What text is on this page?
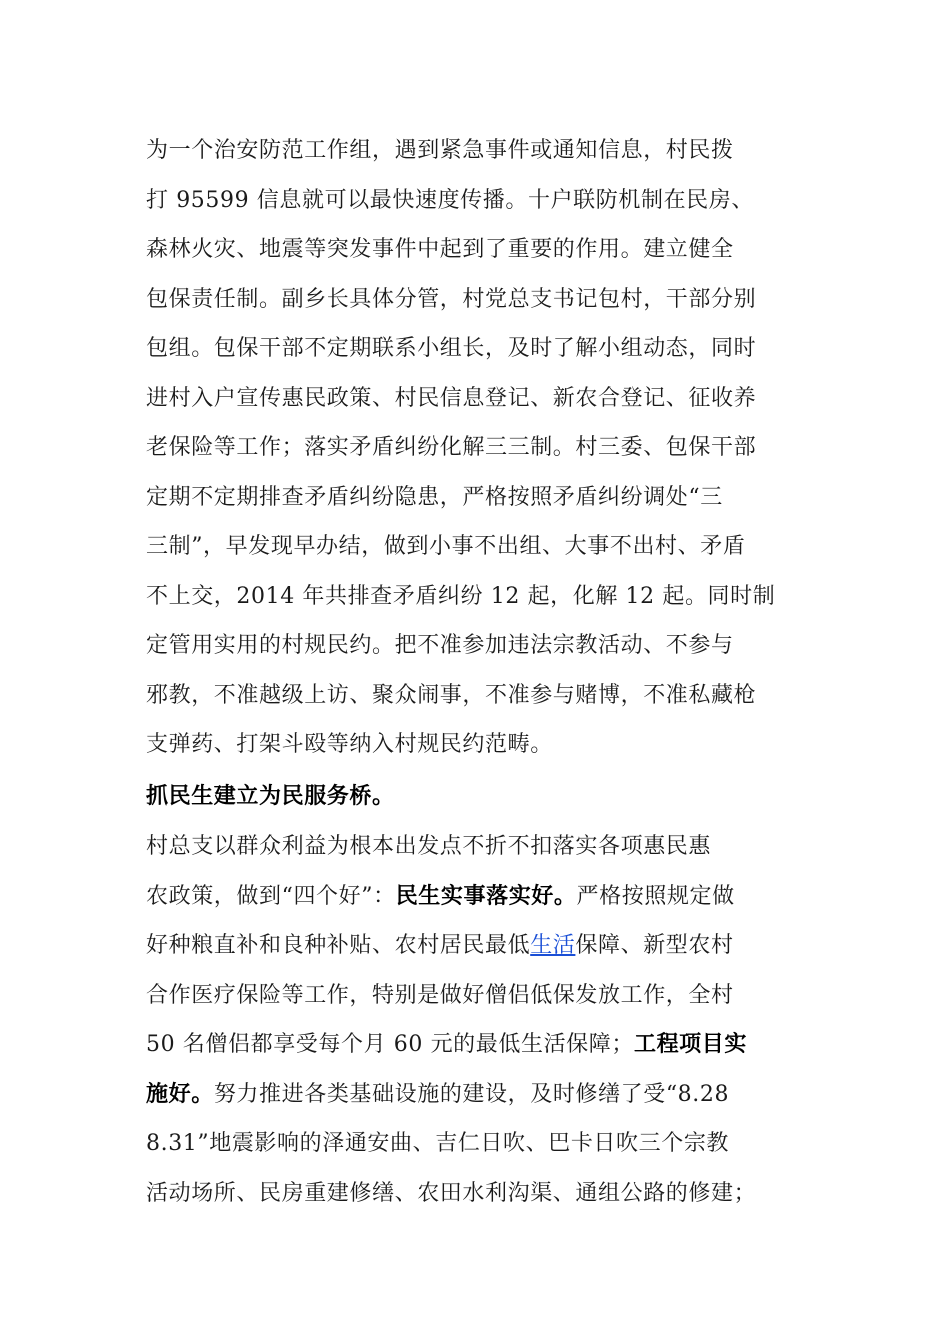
为一个治安防范工作组，遇到紧急事件或通知信息，村民拨
打 95599 信息就可以最快速度传播。十户联防机制在民房、
森林火灾、地震等突发事件中起到了重要的作用。建立健全
包保责任制。副乡长具体分管，村党总支书记包村，干部分别
包组。包保干部不定期联系小组长，及时了解小组动态，同时
进村入户宣传惠民政策、村民信息登记、新农合登记、征收养
老保险等工作；落实矛盾纠纷化解三三制。村三委、包保干部
定期不定期排查矛盾纠纷隐患，严格按照矛盾纠纷调处“三
三制”，早发现早办结，做到小事不出组、大事不出村、矛盾
不上交，2014 年共排查矛盾纠纷 12 起，化解 12 起。同时制
定管用实用的村规民约。把不准参加违法宗教活动、不参与
邪教，不准越级上访、聚众闹事，不准参与赌博，不准私藏枪
支弹药、打架斗殴等纳入村规民约范畴。
抓民生建立为民服务桥。
村总支以群众利益为根本出发点不折不扣落实各项惠民惠
农政策，做到“四个好”：民生实事落实好。严格按照规定做
好种粮直补和良种补贴、农村居民最低生活保障、新型农村
合作医疗保险等工作，特别是做好僧侣低保发放工作，全村
50 名僧侣都享受每个月 60 元的最低生活保障；工程项目实
施好。努力推进各类基础设施的建设，及时修缮了受“8.28
8.31”地震影响的泽通安曲、吉仁日吹、巴卡日吹三个宗教
活动场所、民房重建修缮、农田水利沟渠、通组公路的修建；
